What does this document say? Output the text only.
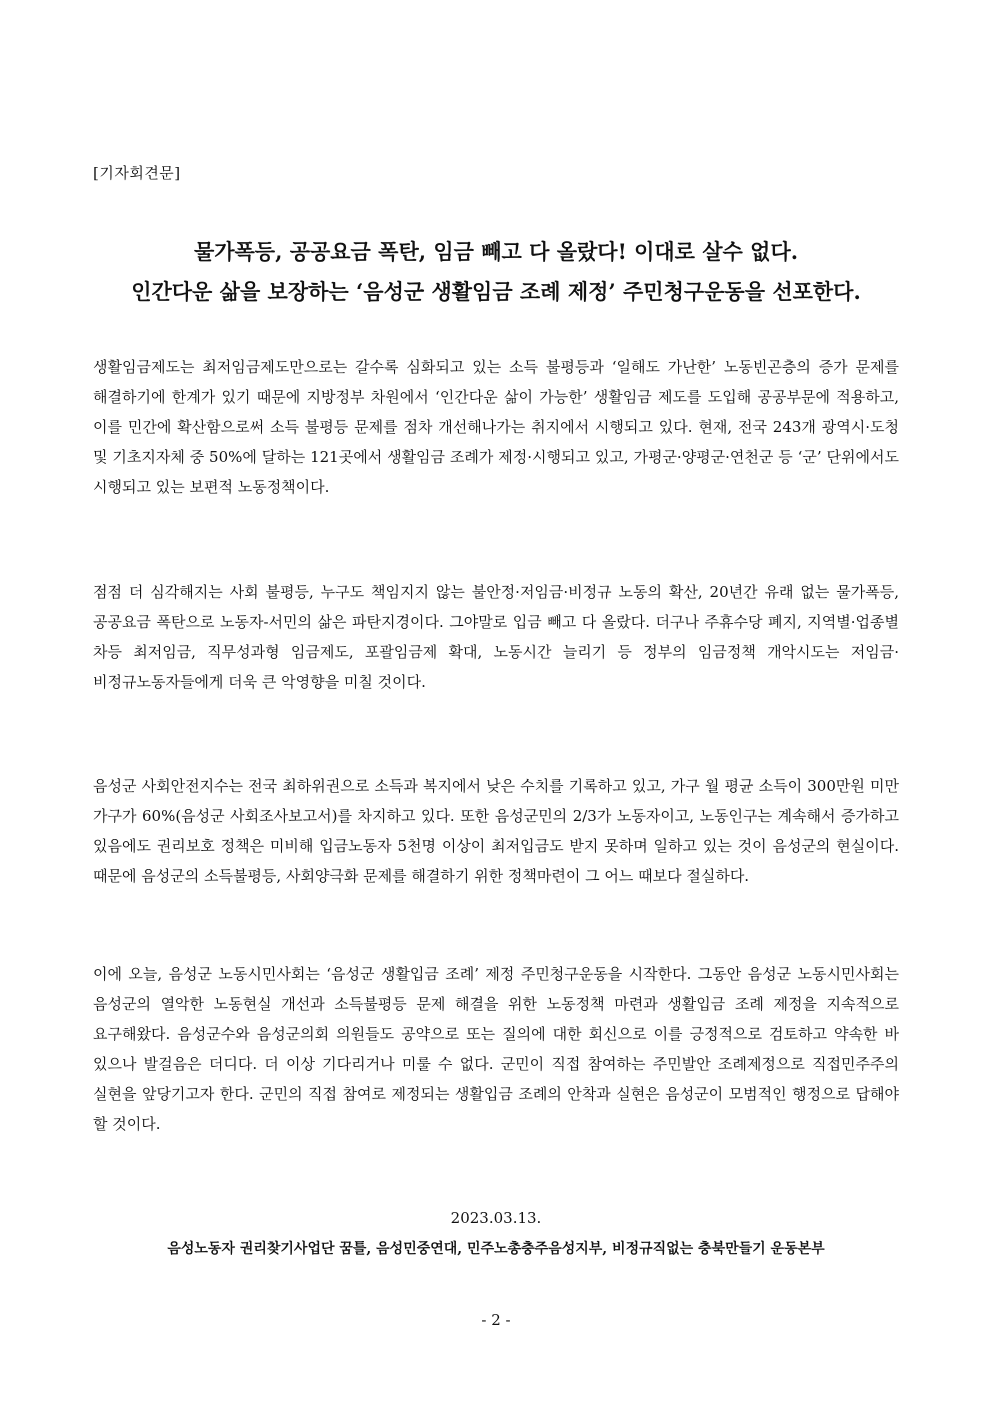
[기자회견문]
물가폭등, 공공요금 폭탄, 임금 빼고 다 올랐다! 이대로 살수 없다.
인간다운 삶을 보장하는 ‘음성군 생활임금 조례 제정’ 주민청구운동을 선포한다.

생활임금제도는 최저임금제도만으로는 갈수록 심화되고 있는 소득 불평등과 ‘일해도 가난한’ 노동빈곤층의 증가 문제를 해결하기에 한계가 있기 때문에 지방정부 차원에서 ‘인간다운 삶이 가능한’ 생활임금 제도를 도입해 공공부문에 적용하고, 이를 민간에 확산함으로써 소득 불평등 문제를 점차 개선해나가는 취지에서 시행되고 있다. 현재, 전국 243개 광역시·도청 및 기초지자체 중 50%에 달하는 121곳에서 생활임금 조례가 제정·시행되고 있고, 가평군·양평군·연천군 등 ‘군’ 단위에서도 시행되고 있는 보편적 노동정책이다.

점점 더 심각해지는 사회 불평등, 누구도 책임지지 않는 불안정·저임금·비정규 노동의 확산, 20년간 유래 없는 물가폭등, 공공요금 폭탄으로 노동자-서민의 삶은 파탄지경이다. 그야말로 입금 빼고 다 올랐다. 더구나 주휴수당 폐지, 지역별·업종별 차등 최저임금, 직무성과형 임금제도, 포괄임금제 확대, 노동시간 늘리기 등 정부의 임금정책 개악시도는 저임금·비정규노동자들에게 더욱 큰 악영향을 미칠 것이다.

음성군 사회안전지수는 전국 최하위권으로 소득과 복지에서 낮은 수치를 기록하고 있고, 가구 월 평균 소득이 300만원 미만 가구가 60%(음성군 사회조사보고서)를 차지하고 있다. 또한 음성군민의 2/3가 노동자이고, 노동인구는 계속해서 증가하고 있음에도 권리보호 정책은 미비해 입금노동자 5천명 이상이 최저입금도 받지 못하며 일하고 있는 것이 음성군의 현실이다. 때문에 음성군의 소득불평등, 사회양극화 문제를 해결하기 위한 정책마련이 그 어느 때보다 절실하다.

이에 오늘, 음성군 노동시민사회는 ‘음성군 생활입금 조례’ 제정 주민청구운동을 시작한다. 그동안 음성군 노동시민사회는 음성군의 열악한 노동현실 개선과 소득불평등 문제 해결을 위한 노동정책 마련과 생활입금 조례 제정을 지속적으로 요구해왔다. 음성군수와 음성군의회 의원들도 공약으로 또는 질의에 대한 회신으로 이를 긍정적으로 검토하고 약속한 바 있으나 발걸음은 더디다. 더 이상 기다리거나 미룰 수 없다. 군민이 직접 참여하는 주민발안 조례제정으로 직접민주주의 실현을 앞당기고자 한다. 군민의 직접 참여로 제정되는 생활입금 조례의 안착과 실현은 음성군이 모범적인 행정으로 답해야 할 것이다.

2023.03.13.
음성노동자 권리찾기사업단 꿈틀, 음성민중연대, 민주노총충주음성지부, 비정규직없는 충북만들기 운동본부
- 2 -
